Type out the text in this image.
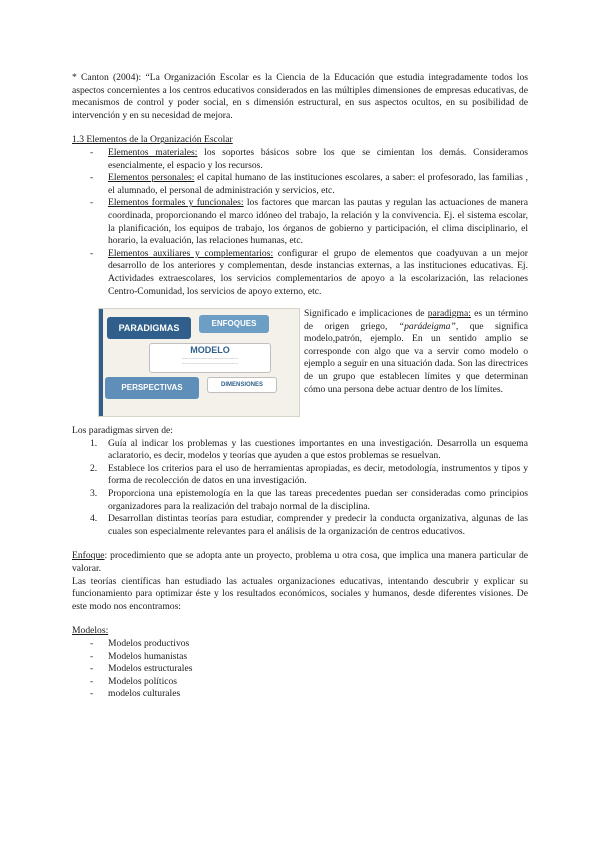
* Canton (2004): “La Organización Escolar es la Ciencia de la Educación que estudia integradamente todos los aspectos concernientes a los centros educativos considerados en las múltiples dimensiones de empresas educativas, de mecanismos de control y poder social, en s dimensión estructural, en sus aspectos ocultos, en su posibilidad de intervención y en su necesidad de mejora.

1.3 Elementos de la Organización Escolar
- Elementos materiales: los soportes básicos sobre los que se cimientan los demás. Consideramos esencialmente, el espacio y los recursos.
- Elementos personales: el capital humano de las instituciones escolares, a saber: el profesorado, las familias , el alumnado, el personal de administración y servicios, etc.
- Elementos formales y funcionales: los factores que marcan las pautas y regulan las actuaciones de manera coordinada, proporcionando el marco idóneo del trabajo, la relación y la convivencia. Ej. el sistema escolar, la planificación, los equipos de trabajo, los órganos de gobierno y participación, el clima disciplinario, el horario, la evaluación, las relaciones humanas, etc.
- Elementos auxiliares y complementarios: configurar el grupo de elementos que coadyuvan a un mejor desarrollo de los anteriores y complementan, desde instancias externas, a las instituciones educativas. Ej. Actividades extraescolares, los servicios complementarios de apoyo a la escolarización, las relaciones Centro-Comunidad, los servicios de apoyo externo, etc.
PARADIGMAS	ENFOQUES
MODELO
~~~~~~~~~~~~~~~~~~~~~~~~
~~~~~~~~~~~~~~~~~~~~~~~~
PERSPECTIVAS	DIMENSIONES

Significado e implicaciones de paradigma: es un término de origen griego, “parádeigma”, que significa modelo,patrón, ejemplo. En un sentido amplio se corresponde con algo que va a servir como modelo o ejemplo a seguir en una situación dada. Son las directrices de un grupo que establecen límites y que determinan cómo una persona debe actuar dentro de los límites.

Los paradigmas sirven de:

1. Guía al indicar los problemas y las cuestiones importantes en una investigación. Desarrolla un esquema aclaratorio, es decir, modelos y teorías que ayuden a que estos problemas se resuelvan.
2. Establece los criterios para el uso de herramientas apropiadas, es decir, metodología, instrumentos y tipos y forma de recolección de datos en una investigación.
3. Proporciona una epistemología en la que las tareas precedentes puedan ser consideradas como principios organizadores para la realización del trabajo normal de la disciplina.
4. Desarrollan distintas teorías para estudiar, comprender y predecir la conducta organizativa, algunas de las cuales son especialmente relevantes para el análisis de la organización de centros educativos.

Enfoque: procedimiento que se adopta ante un proyecto, problema u otra cosa, que implica una manera particular de valorar.

Las teorías científicas han estudiado las actuales organizaciones educativas, intentando descubrir y explicar su funcionamiento para optimizar éste y los resultados económicos, sociales y humanos, desde diferentes visiones. De este modo nos encontramos:

Modelos:
- Modelos productivos
- Modelos humanistas
- Modelos estructurales
- Modelos políticos
- modelos culturales
